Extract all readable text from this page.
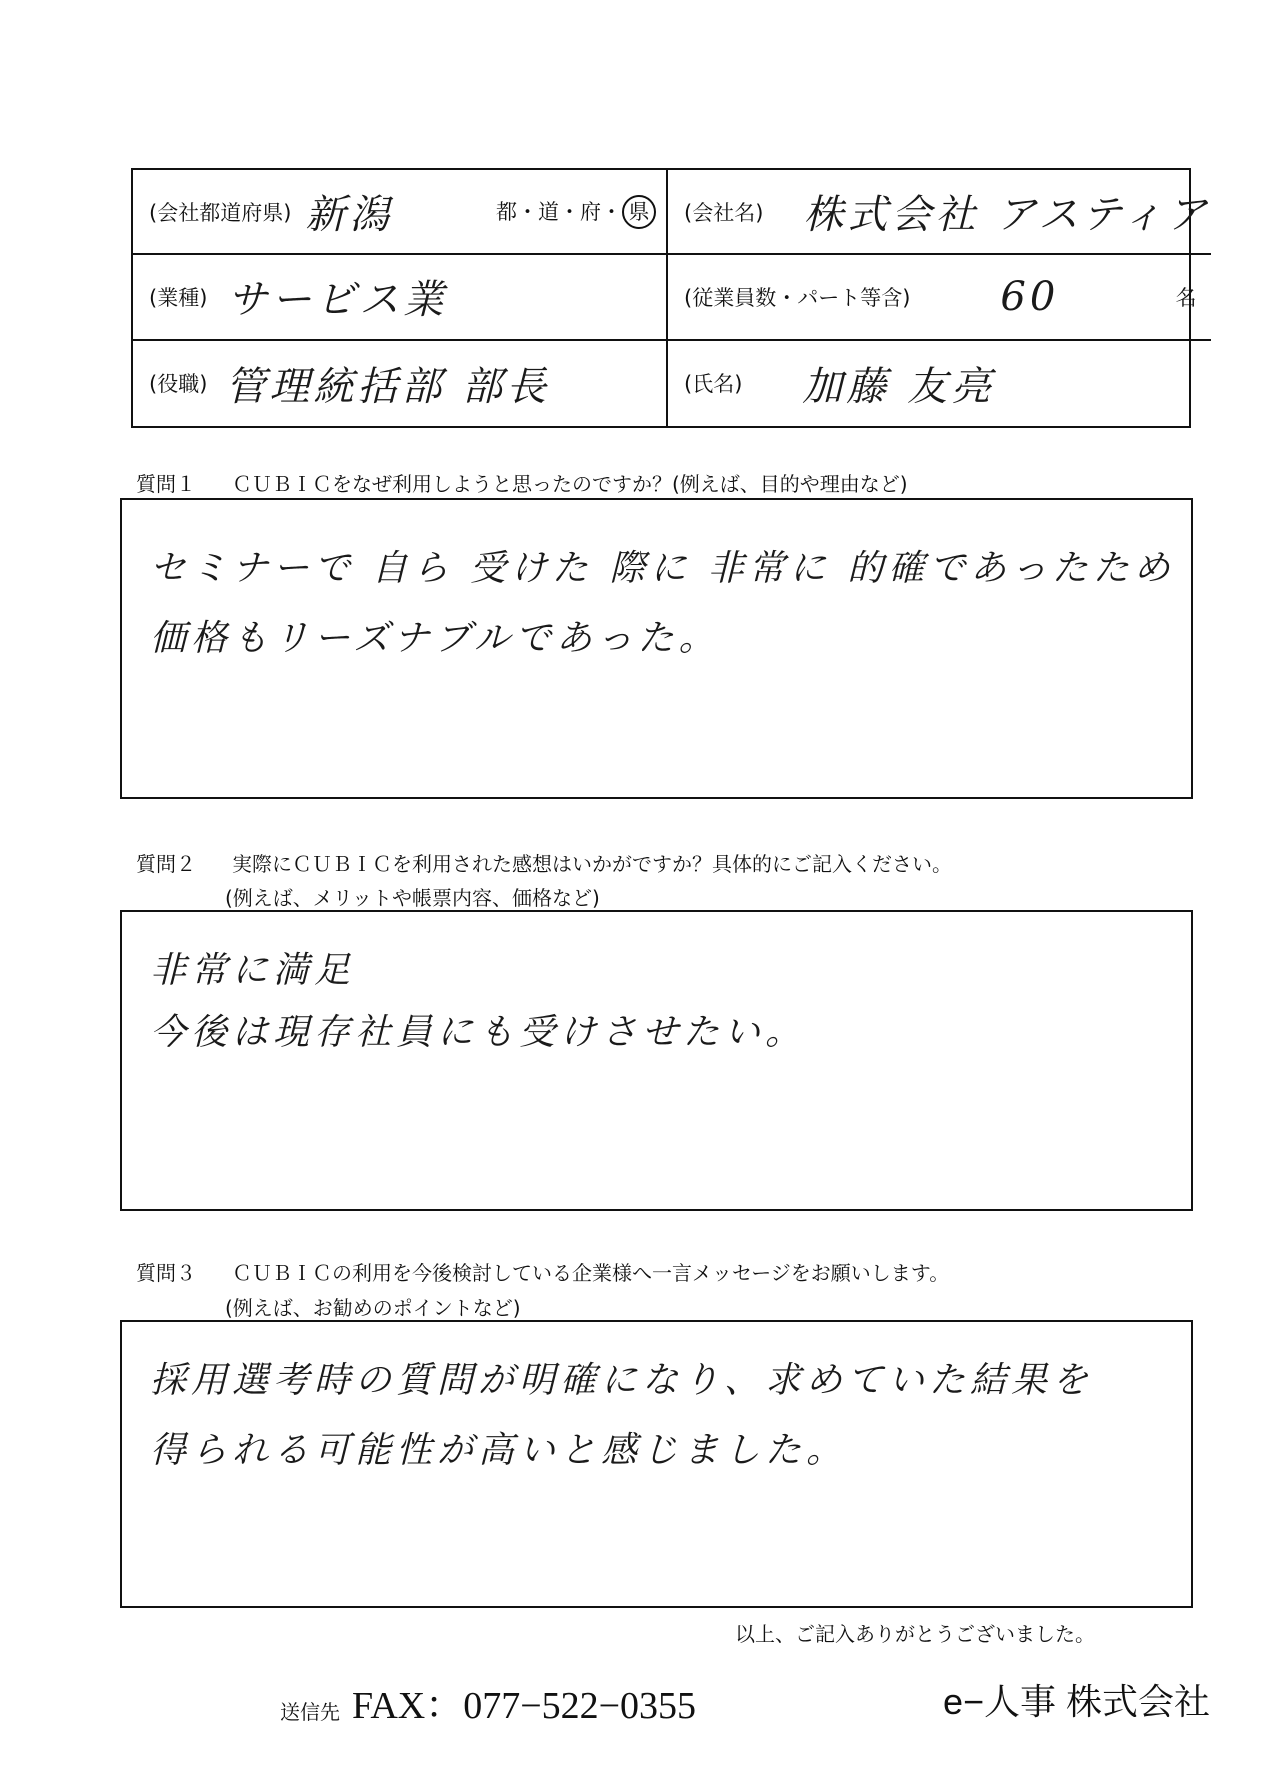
(会社都道府県) 新潟	都・道・府・ 県	(会社名) 株式会社 アスティア
(業種) サービス業	(従業員数・パート等含) 60	名
(役職) 管理統括部 部長	(氏名) 加藤 友亮
質問１ ＣＵＢＩＣをなぜ利用しようと思ったのですか？(例えば、目的や理由など)
セミナーで 自ら 受けた 際に 非常に 的確であったため
価格もリーズナブルであった。
質問２ 実際にＣＵＢＩＣを利用された感想はいかがですか？具体的にご記入ください。
(例えば、メリットや帳票内容、価格など)
非常に満足
今後は現存社員にも受けさせたい。
質問３ ＣＵＢＩＣの利用を今後検討している企業様へ一言メッセージをお願いします。
(例えば、お勧めのポイントなど)
採用選考時の質問が明確になり、求めていた結果を
得られる可能性が高いと感じました。
以上、ご記入ありがとうございました。
送信先 FAX：077−522−0355	e−人事 株式会社
